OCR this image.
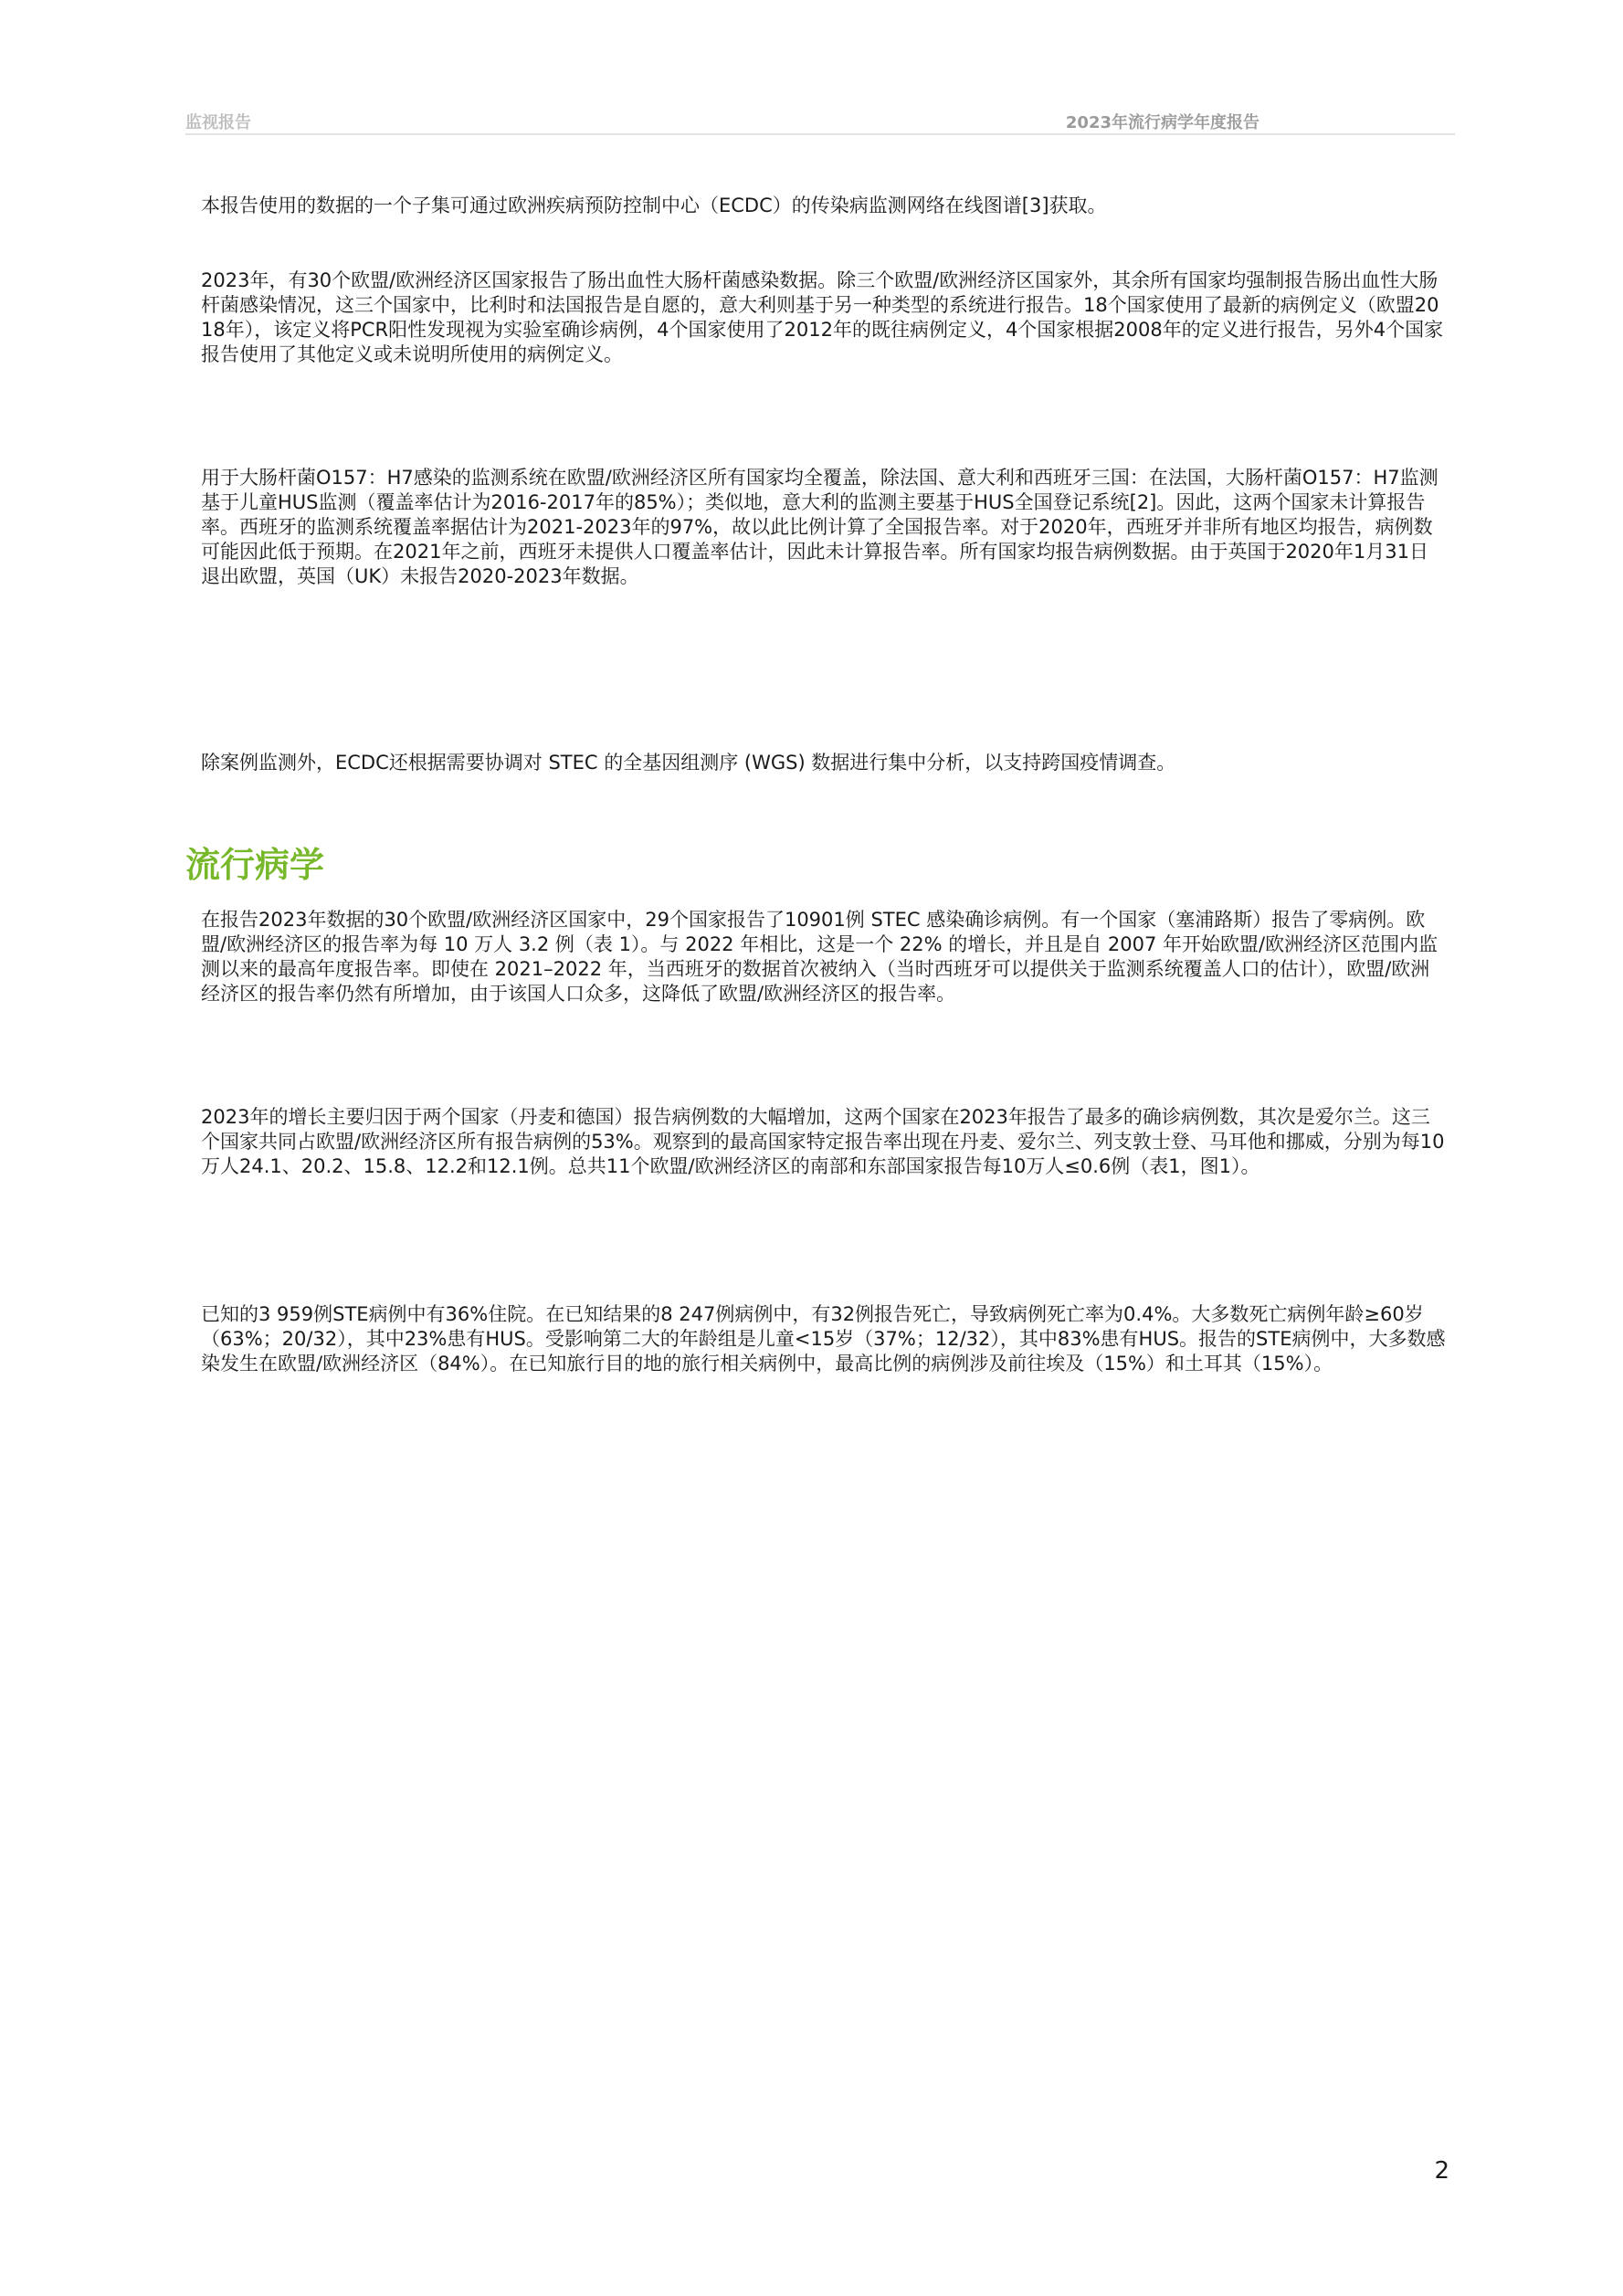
监视报告	2023年流行病学年度报告

本报告使用的数据的一个子集可通过欧洲疾病预防控制中心（ECDC）的传染病监测网络在线图谱[3]获取。

2023年，有30个欧盟/欧洲经济区国家报告了肠出血性大肠杆菌感染数据。除三个欧盟/欧洲经济区国家外，其余所有国家均强制报告肠出血性大肠杆菌感染情况，这三个国家中，比利时和法国报告是自愿的，意大利则基于另一种类型的系统进行报告。18个国家使用了最新的病例定义（欧盟2018年），该定义将PCR阳性发现视为实验室确诊病例，4个国家使用了2012年的既往病例定义，4个国家根据2008年的定义进行报告，另外4个国家报告使用了其他定义或未说明所使用的病例定义。

用于大肠杆菌O157：H7感染的监测系统在欧盟/欧洲经济区所有国家均全覆盖，除法国、意大利和西班牙三国：在法国，大肠杆菌O157：H7监测基于儿童HUS监测（覆盖率估计为2016-2017年的85%）；类似地，意大利的监测主要基于HUS全国登记系统[2]。因此，这两个国家未计算报告率。西班牙的监测系统覆盖率据估计为2021-2023年的97%，故以此比例计算了全国报告率。对于2020年，西班牙并非所有地区均报告，病例数可能因此低于预期。在2021年之前，西班牙未提供人口覆盖率估计，因此未计算报告率。所有国家均报告病例数据。由于英国于2020年1月31日退出欧盟，英国（UK）未报告2020-2023年数据。

除案例监测外，ECDC还根据需要协调对 STEC 的全基因组测序 (WGS) 数据进行集中分析，以支持跨国疫情调查。

流行病学

在报告2023年数据的30个欧盟/欧洲经济区国家中，29个国家报告了10901例 STEC 感染确诊病例。有一个国家（塞浦路斯）报告了零病例。欧盟/欧洲经济区的报告率为每 10 万人 3.2 例（表 1）。与 2022 年相比，这是一个 22% 的增长，并且是自 2007 年开始欧盟/欧洲经济区范围内监测以来的最高年度报告率。即使在 2021–2022 年，当西班牙的数据首次被纳入（当时西班牙可以提供关于监测系统覆盖人口的估计），欧盟/欧洲经济区的报告率仍然有所增加，由于该国人口众多，这降低了欧盟/欧洲经济区的报告率。

2023年的增长主要归因于两个国家（丹麦和德国）报告病例数的大幅增加，这两个国家在2023年报告了最多的确诊病例数，其次是爱尔兰。这三个国家共同占欧盟/欧洲经济区所有报告病例的53%。观察到的最高国家特定报告率出现在丹麦、爱尔兰、列支敦士登、马耳他和挪威，分别为每10万人24.1、20.2、15.8、12.2和12.1例。总共11个欧盟/欧洲经济区的南部和东部国家报告每10万人≤0.6例（表1，图1）。

已知的3 959例STE病例中有36%住院。在已知结果的8 247例病例中，有32例报告死亡，导致病例死亡率为0.4%。大多数死亡病例年龄≥60岁（63%；20/32），其中23%患有HUS。受影响第二大的年龄组是儿童<15岁（37%；12/32），其中83%患有HUS。报告的STE病例中，大多数感染发生在欧盟/欧洲经济区（84%）。在已知旅行目的地的旅行相关病例中，最高比例的病例涉及前往埃及（15%）和土耳其（15%）。

2
